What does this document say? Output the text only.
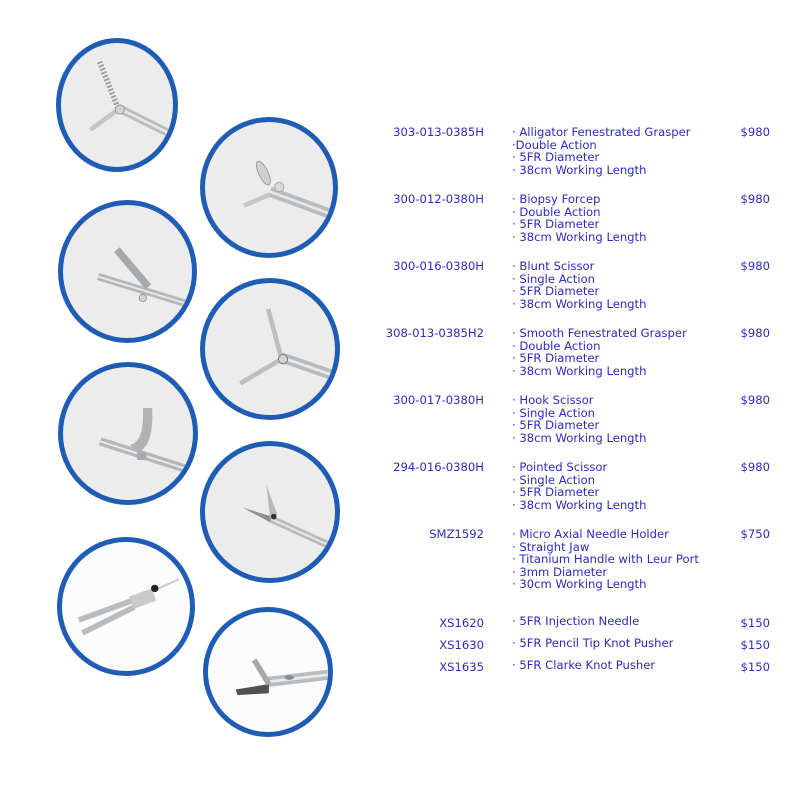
303-013-0385H · Alligator Fenestrated Grasper
·Double Action
· 5FR Diameter
· 38cm Working Length
$980
300-012-0380H · Biopsy Forcep
· Double Action
· 5FR Diameter
· 38cm Working Length
$980
300-016-0380H · Blunt Scissor
· Single Action
· 5FR Diameter
· 38cm Working Length
$980
308-013-0385H2 · Smooth Fenestrated Grasper
· Double Action
· 5FR Diameter
· 38cm Working Length
$980
300-017-0380H · Hook Scissor
· Single Action
· 5FR Diameter
· 38cm Working Length
$980
294-016-0380H · Pointed Scissor
· Single Action
· 5FR Diameter
· 38cm Working Length
$980
SMZ1592 · Micro Axial Needle Holder
· Straight Jaw
· Titanium Handle with Leur Port
· 3mm Diameter
· 30cm Working Length
$750
XS1620 · 5FR Injection Needle	$150
XS1630 · 5FR Pencil Tip Knot Pusher	$150
XS1635 · 5FR Clarke Knot Pusher	$150
